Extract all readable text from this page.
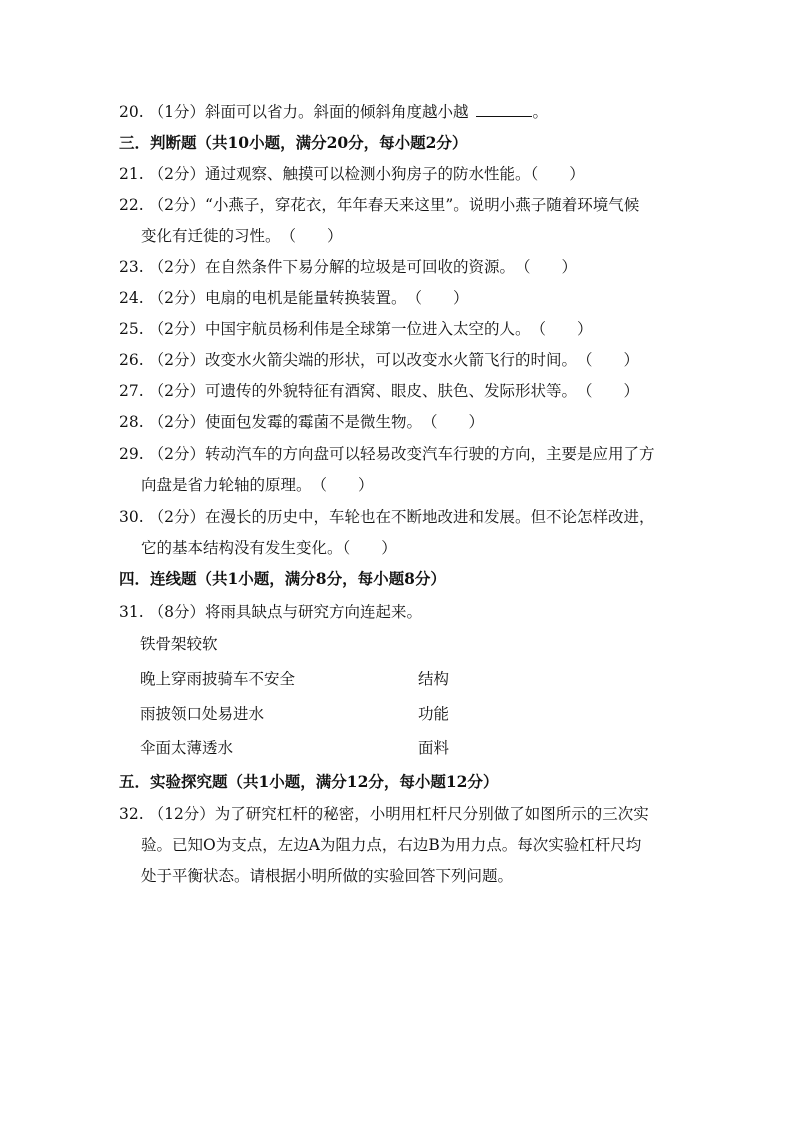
20. （1分）斜面可以省力。斜面的倾斜角度越小越	。
三．判断题（共10小题，满分20分，每小题2分）
21. （2分）通过观察、触摸可以检测小狗房子的防水性能。（　　）
22. （2分）“小燕子，穿花衣，年年春天来这里”。说明小燕子随着环境气候
变化有迁徙的习性。　（　　）
23. （2分）在自然条件下易分解的垃圾是可回收的资源。　（　　）
24. （2分）电扇的电机是能量转换装置。　（　　）
25. （2分）中国宇航员杨利伟是全球第一位进入太空的人。　（　　）
26. （2分）改变水火箭尖端的形状，可以改变水火箭飞行的时间。　（　　）
27. （2分）可遗传的外貌特征有酒窝、眼皮、肤色、发际形状等。　（　　）
28. （2分）使面包发霉的霉菌不是微生物。　（　　）
29. （2分）转动汽车的方向盘可以轻易改变汽车行驶的方向，主要是应用了方
向盘是省力轮轴的原理。　（　　）
30. （2分）在漫长的历史中，车轮也在不断地改进和发展。但不论怎样改进，
它的基本结构没有发生变化。（　　）
四．连线题（共1小题，满分8分，每小题8分）
31. （8分）将雨具缺点与研究方向连起来。
铁骨架较软
晚上穿雨披骑车不安全	结构
雨披领口处易进水	功能
伞面太薄透水	面料
五．实验探究题（共1小题，满分12分，每小题12分）
32. （12分）为了研究杠杆的秘密，小明用杠杆尺分别做了如图所示的三次实
验。已知O为支点，左边A为阻力点，右边B为用力点。每次实验杠杆尺均
处于平衡状态。请根据小明所做的实验回答下列问题。
